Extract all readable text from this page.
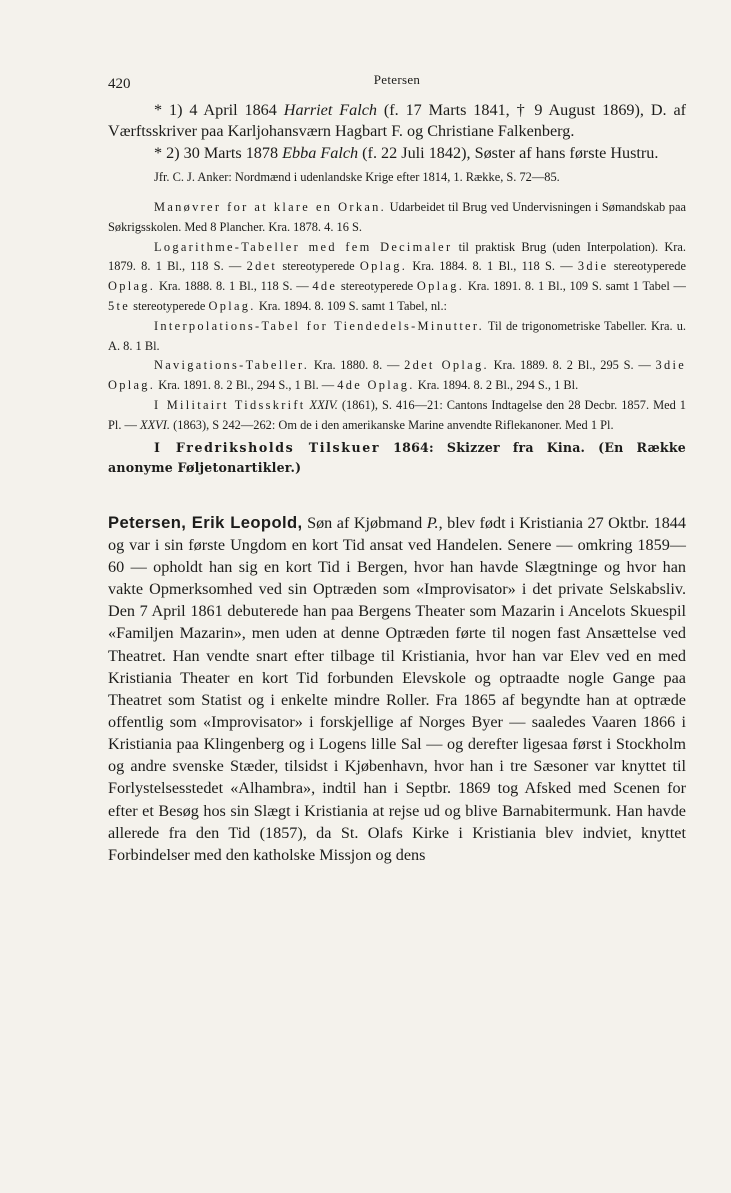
420	Petersen

* 1) 4 April 1864 Harriet Falch (f. 17 Marts 1841, † 9 August 1869), D. af Værftsskriver paa Karljohansværn Hagbart F. og Christiane Falkenberg.

* 2) 30 Marts 1878 Ebba Falch (f. 22 Juli 1842), Søster af hans første Hustru.

Jfr. C. J. Anker: Nordmænd i udenlandske Krige efter 1814, 1. Række, S. 72—85.

Manøvrer for at klare en Orkan. Udarbeidet til Brug ved Undervisningen i Sømandskab paa Søkrigsskolen. Med 8 Plancher. Kra. 1878. 4. 16 S.

Logarithme-Tabeller med fem Decimaler til praktisk Brug (uden Interpolation). Kra. 1879. 8. 1 Bl., 118 S. — 2det stereotyperede Oplag. Kra. 1884. 8. 1 Bl., 118 S. — 3die stereotyperede Oplag. Kra. 1888. 8. 1 Bl., 118 S. — 4de stereotyperede Oplag. Kra. 1891. 8. 1 Bl., 109 S. samt 1 Tabel — 5te stereotyperede Oplag. Kra. 1894. 8. 109 S. samt 1 Tabel, nl.:

Interpolations-Tabel for Tiendedels-Minutter. Til de trigonometriske Tabeller. Kra. u. A. 8. 1 Bl.

Navigations-Tabeller. Kra. 1880. 8. — 2det Oplag. Kra. 1889. 8. 2 Bl., 295 S. — 3die Oplag. Kra. 1891. 8. 2 Bl., 294 S., 1 Bl. — 4de Oplag. Kra. 1894. 8. 2 Bl., 294 S., 1 Bl.

I Militairt Tidsskrift XXIV. (1861), S. 416—21: Cantons Indtagelse den 28 Decbr. 1857. Med 1 Pl. — XXVI. (1863), S 242—262: Om de i den amerikanske Marine anvendte Riflekanoner. Med 1 Pl.

I Fredriksholds Tilskuer 1864: Skizzer fra Kina. (En Række anonyme Føljetonartikler.)

Petersen, Erik Leopold, Søn af Kjøbmand P., blev født i Kristiania 27 Oktbr. 1844 og var i sin første Ungdom en kort Tid ansat ved Handelen. Senere — omkring 1859—60 — opholdt han sig en kort Tid i Bergen, hvor han havde Slægtninge og hvor han vakte Opmerksomhed ved sin Optræden som «Improvisator» i det private Selskabsliv. Den 7 April 1861 debuterede han paa Bergens Theater som Mazarin i Ancelots Skuespil «Familjen Mazarin», men uden at denne Optræden førte til nogen fast Ansættelse ved Theatret. Han vendte snart efter tilbage til Kristiania, hvor han var Elev ved en med Kristiania Theater en kort Tid forbunden Elevskole og optraadte nogle Gange paa Theatret som Statist og i enkelte mindre Roller. Fra 1865 af begyndte han at optræde offentlig som «Improvisator» i forskjellige af Norges Byer — saaledes Vaaren 1866 i Kristiania paa Klingenberg og i Logens lille Sal — og derefter ligesaa først i Stockholm og andre svenske Stæder, tilsidst i Kjøbenhavn, hvor han i tre Sæsoner var knyttet til Forlystelsesstedet «Alhambra», indtil han i Septbr. 1869 tog Afsked med Scenen for efter et Besøg hos sin Slægt i Kristiania at rejse ud og blive Barnabitermunk. Han havde allerede fra den Tid (1857), da St. Olafs Kirke i Kristiania blev indviet, knyttet Forbindelser med den katholske Missjon og dens
